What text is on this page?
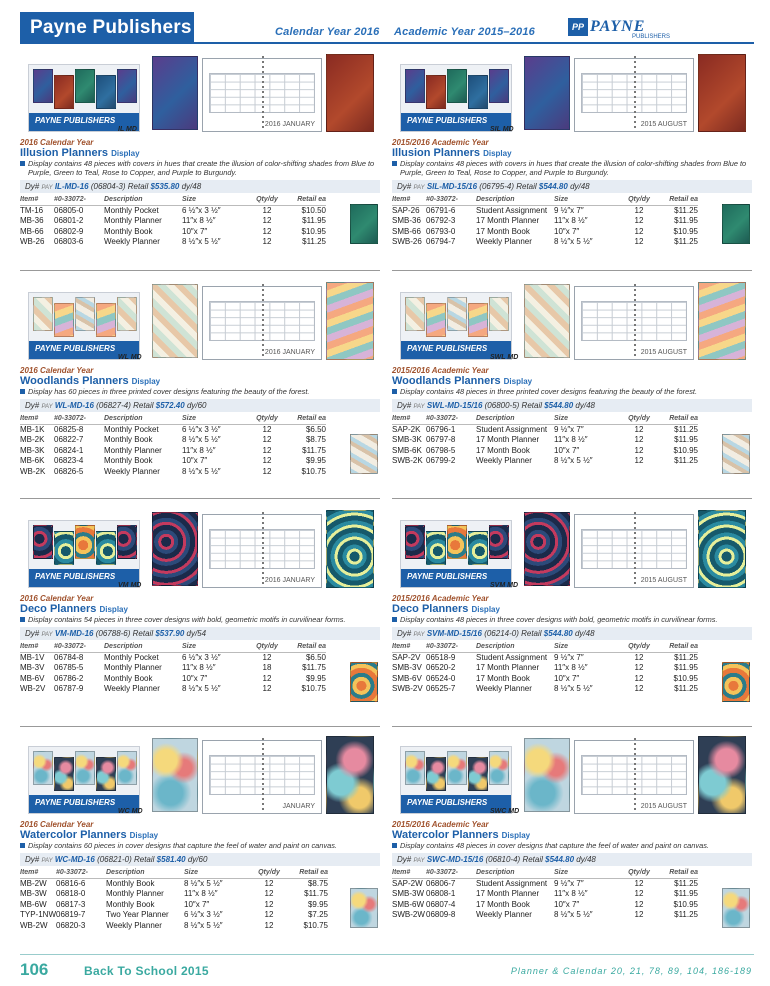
Payne Publishers	Calendar Year 2016 Academic Year 2015–2016	PP PAYNE
PUBLISHERS
PAYNE PUBLISHERS	2016 JANUARY
IL MD
2016 Calendar Year
Illusion Planners Display
Display contains 48 pieces with covers in hues that create the illusion of color-shifting shades from Blue to Purple, Green to Teal, Rose to Copper, and Purple to Burgundy.
Dy# PAY IL-MD-16 (06804-3) Retail $535.80 dy/48
Item#	#0-33072-	Description	Size	Qty/dy	Retail ea
TM-16	06805-0	Monthly Pocket	6 ½″x 3 ½″	12	$10.50
MB-36	06801-2	Monthly Planner	11″x 8 ½″	12	$11.95
MB-66	06802-9	Monthly Book	10″x 7″	12	$10.95
WB-26	06803-6	Weekly Planner	8 ½″x 5 ½″	12	$11.25
PAYNE PUBLISHERS	2016 JANUARY
WL MD
2016 Calendar Year
Woodlands Planners Display
Display has 60 pieces in three printed cover designs featuring the beauty of the forest.
Dy# PAY WL-MD-16 (06827-4) Retail $572.40 dy/60
Item#	#0-33072-	Description	Size	Qty/dy	Retail ea
MB-1K	06825-8	Monthly Pocket	6 ½″x 3 ½″	12	$6.50
MB-2K	06822-7	Monthly Book	8 ½″x 5 ½″	12	$8.75
MB-3K	06824-1	Monthly Planner	11″x 8 ½″	12	$11.75
MB-6K	06823-4	Monthly Book	10″x 7″	12	$9.95
WB-2K	06826-5	Weekly Planner	8 ½″x 5 ½″	12	$10.75
PAYNE PUBLISHERS	2016 JANUARY
VM MD
2016 Calendar Year
Deco Planners Display
Display contains 54 pieces in three cover designs with bold, geometric motifs in curvilinear forms.
Dy# PAY VM-MD-16 (06788-6) Retail $537.90 dy/54
Item#	#0-33072-	Description	Size	Qty/dy	Retail ea
MB-1V	06784-8	Monthly Pocket	6 ½″x 3 ½″	12	$6.50
MB-3V	06785-5	Monthly Planner	11″x 8 ½″	18	$11.75
MB-6V	06786-2	Monthly Book	10″x 7″	12	$9.95
WB-2V	06787-9	Weekly Planner	8 ½″x 5 ½″	12	$10.75
PAYNE PUBLISHERS	JANUARY
WC MD
2016 Calendar Year
Watercolor Planners Display
Display contains 60 pieces in cover designs that capture the feel of water and paint on canvas.
Dy# PAY WC-MD-16 (06821-0) Retail $581.40 dy/60
Item#	#0-33072-	Description	Size	Qty/dy	Retail ea
MB-2W	06816-6	Monthly Book	8 ½″x 5 ½″	12	$8.75
MB-3W	06818-0	Monthly Planner	11″x 8 ½″	12	$11.75
MB-6W	06817-3	Monthly Book	10″x 7″	12	$9.95
TYP-1NW	06819-7	Two Year Planner	6 ½″x 3 ½″	12	$7.25
WB-2W	06820-3	Weekly Planner	8 ½″x 5 ½″	12	$10.75
PAYNE PUBLISHERS	2015 AUGUST
SIL MD
2015/2016 Academic Year
Illusion Planners Display
Display contains 48 pieces with covers in hues that create the illusion of color-shifting shades from Blue to Purple, Green to Teal, Rose to Copper, and Purple to Burgundy.
Dy# PAY SIL-MD-15/16 (06795-4) Retail $544.80 dy/48
Item#	#0-33072-	Description	Size	Qty/dy	Retail ea
SAP-26	06791-6	Student Assignment	9 ½″x 7″	12	$11.25
SMB-36	06792-3	17 Month Planner	11″x 8 ½″	12	$11.95
SMB-66	06793-0	17 Month Book	10″x 7″	12	$10.95
SWB-26	06794-7	Weekly Planner	8 ½″x 5 ½″	12	$11.25
PAYNE PUBLISHERS	2015 AUGUST
SWL MD
2015/2016 Academic Year
Woodlands Planners Display
Display contains 48 pieces in three printed cover designs featuring the beauty of the forest.
Dy# PAY SWL-MD-15/16 (06800-5) Retail $544.80 dy/48
Item#	#0-33072-	Description	Size	Qty/dy	Retail ea
SAP-2K	06796-1	Student Assignment	9 ½″x 7″	12	$11.25
SMB-3K	06797-8	17 Month Planner	11″x 8 ½″	12	$11.95
SMB-6K	06798-5	17 Month Book	10″x 7″	12	$10.95
SWB-2K	06799-2	Weekly Planner	8 ½″x 5 ½″	12	$11.25
PAYNE PUBLISHERS	2015 AUGUST
SVM MD
2015/2016 Academic Year
Deco Planners Display
Display contains 48 pieces in three cover designs with bold, geometric motifs in curvilinear forms.
Dy# PAY SVM-MD-15/16 (06214-0) Retail $544.80 dy/48
Item#	#0-33072-	Description	Size	Qty/dy	Retail ea
SAP-2V	06518-9	Student Assignment	9 ½″x 7″	12	$11.25
SMB-3V	06520-2	17 Month Planner	11″x 8 ½″	12	$11.95
SMB-6V	06524-0	17 Month Book	10″x 7″	12	$10.95
SWB-2V	06525-7	Weekly Planner	8 ½″x 5 ½″	12	$11.25
PAYNE PUBLISHERS	2015 AUGUST
SWC MD
2015/2016 Academic Year
Watercolor Planners Display
Display contains 48 pieces in cover designs that capture the feel of water and paint on canvas.
Dy# PAY SWC-MD-15/16 (06810-4) Retail $544.80 dy/48
Item#	#0-33072-	Description	Size	Qty/dy	Retail ea
SAP-2W	06806-7	Student Assignment	9 ½″x 7″	12	$11.25
SMB-3W	06808-1	17 Month Planner	11″x 8 ½″	12	$11.95
SMB-6W	06807-4	17 Month Book	10″x 7″	12	$10.95
SWB-2W	06809-8	Weekly Planner	8 ½″x 5 ½″	12	$11.25
106	Back To School 2015	Planner & Calendar 20, 21, 78, 89, 104, 186-189
